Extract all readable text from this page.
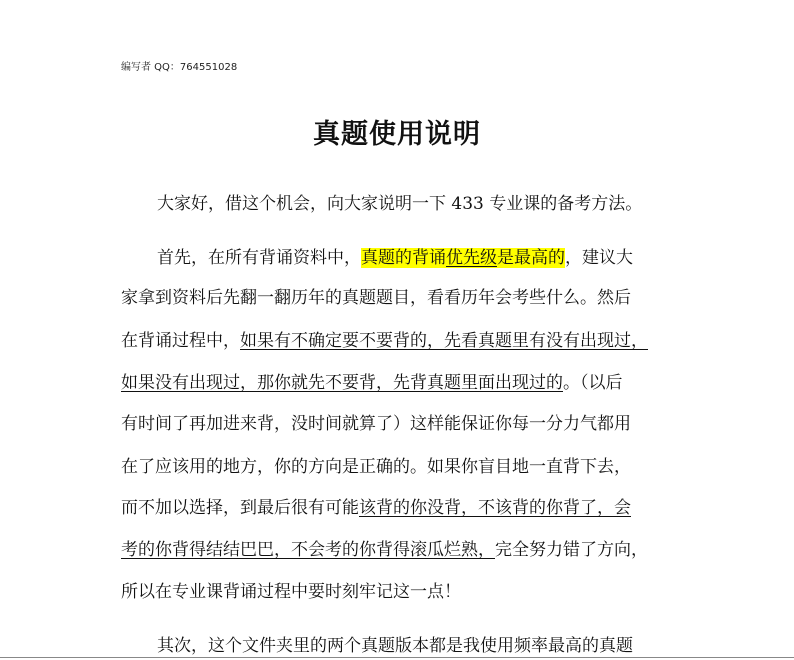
编写者 QQ：764551028

真题使用说明
大家好，借这个机会，向大家说明一下 433 专业课的备考方法。
首先，在所有背诵资料中，真题的背诵优先级是最高的，建议大
家拿到资料后先翻一翻历年的真题题目，看看历年会考些什么。然后
在背诵过程中，如果有不确定要不要背的，先看真题里有没有出现过，
如果没有出现过，那你就先不要背，先背真题里面出现过的。（以后
有时间了再加进来背，没时间就算了）这样能保证你每一分力气都用
在了应该用的地方，你的方向是正确的。如果你盲目地一直背下去，
而不加以选择，到最后很有可能该背的你没背，不该背的你背了，会
考的你背得结结巴巴，不会考的你背得滚瓜烂熟，完全努力错了方向，
所以在专业课背诵过程中要时刻牢记这一点！
其次，这个文件夹里的两个真题版本都是我使用频率最高的真题
